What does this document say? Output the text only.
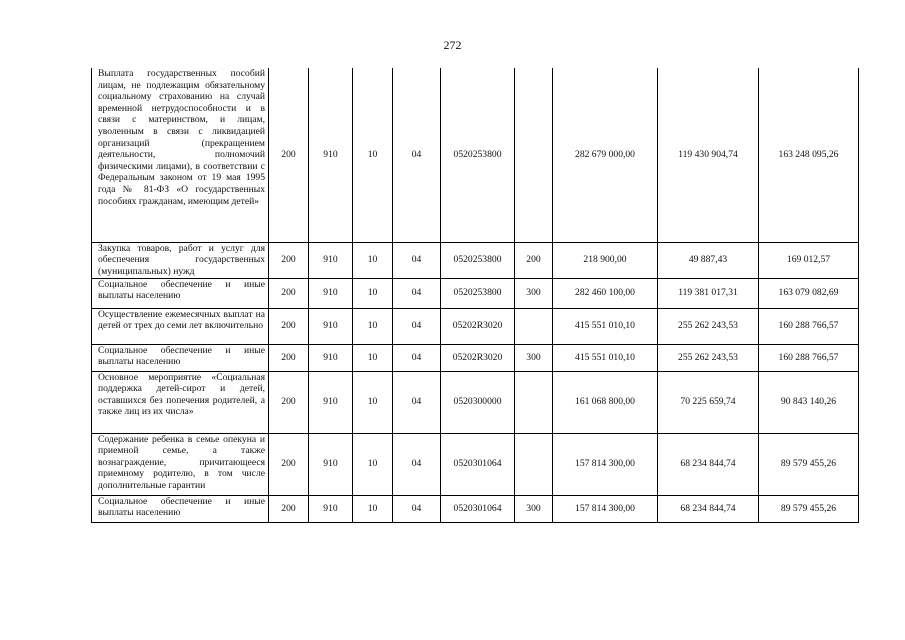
272
Выплата государственных пособий лицам, не подлежащим обязательному социальному страхованию на случай временной нетрудоспособности и в связи с материнством, и лицам, уволенным в связи с ликвидацией организаций (прекращением деятельности, полномочий физическими лицами), в соответствии с Федеральным законом от 19 мая 1995 года № 81-ФЗ «О государственных пособиях гражданам, имеющим детей»	200	910	10	04	0520253800		282 679 000,00	119 430 904,74	163 248 095,26
Закупка товаров, работ и услуг для обеспечения государственных (муниципальных) нужд	200	910	10	04	0520253800	200	218 900,00	49 887,43	169 012,57
Социальное обеспечение и иные выплаты населению	200	910	10	04	0520253800	300	282 460 100,00	119 381 017,31	163 079 082,69
Осуществление ежемесячных выплат на детей от трех до семи лет включительно	200	910	10	04	05202R3020		415 551 010,10	255 262 243,53	160 288 766,57
Социальное обеспечение и иные выплаты населению	200	910	10	04	05202R3020	300	415 551 010,10	255 262 243,53	160 288 766,57
Основное мероприятие «Социальная поддержка детей-сирот и детей, оставшихся без попечения родителей, а также лиц из их числа»	200	910	10	04	0520300000		161 068 800,00	70 225 659,74	90 843 140,26
Содержание ребенка в семье опекуна и приемной семье, а также вознаграждение, причитающееся приемному родителю, в том числе дополнительные гарантии	200	910	10	04	0520301064		157 814 300,00	68 234 844,74	89 579 455,26
Социальное обеспечение и иные выплаты населению	200	910	10	04	0520301064	300	157 814 300,00	68 234 844,74	89 579 455,26
